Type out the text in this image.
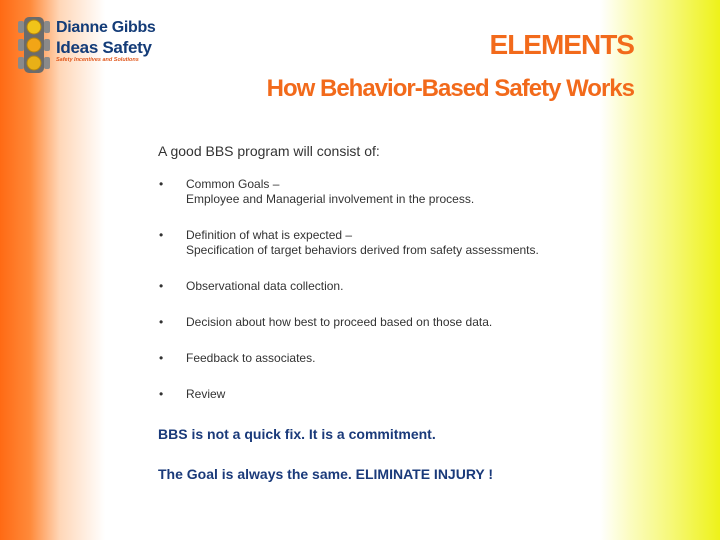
Dianne Gibbs
Ideas Safety
Safety Incentives and Solutions	ELEMENTS
How Behavior-Based Safety Works

A good BBS program will consist of:

• Common Goals –
Employee and Managerial involvement in the process.
• Definition of what is expected –
Specification of target behaviors derived from safety assessments.
• Observational data collection.
• Decision about how best to proceed based on those data.
• Feedback to associates.
• Review

BBS is not a quick fix. It is a commitment.

The Goal is always the same. ELIMINATE INJURY !
